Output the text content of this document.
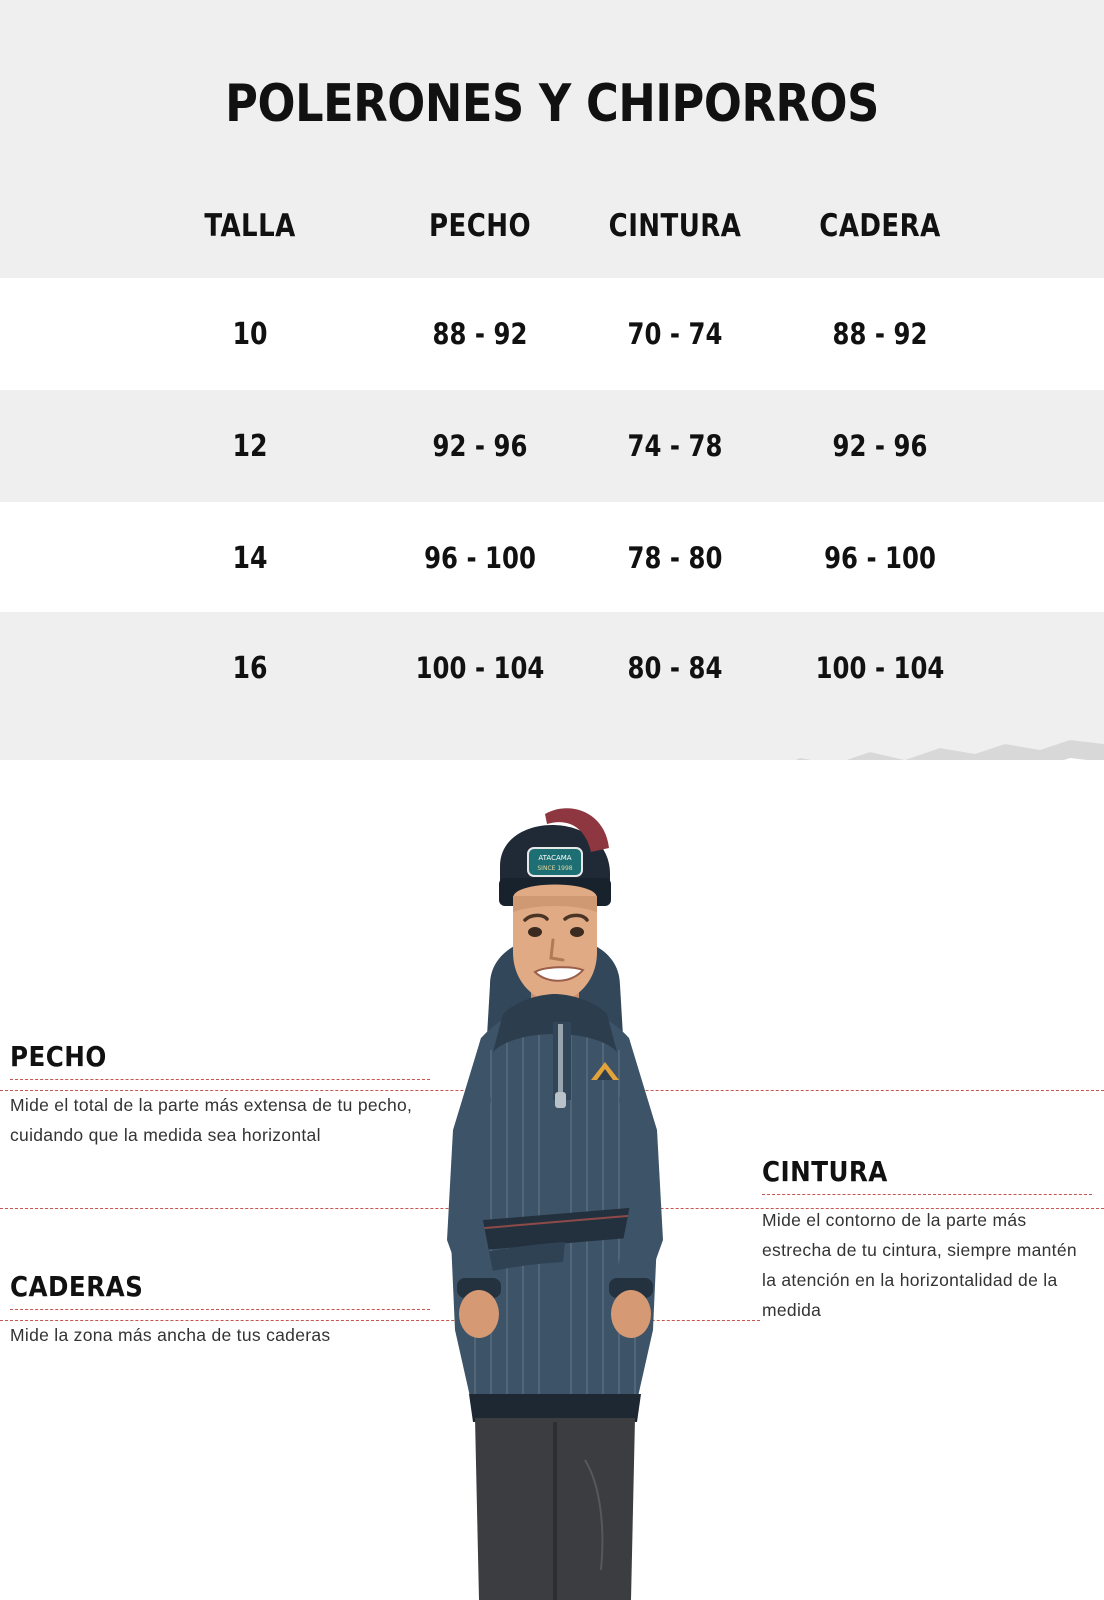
POLERONES Y CHIPORROS
TALLA	PECHO	CINTURA	CADERA
10	88 - 92	70 - 74	88 - 92
12	92 - 96	74 - 78	92 - 96
14	96 - 100	78 - 80	96 - 100
16	100 - 104	80 - 84	100 - 104
ATACAMA
SINCE 1998
PECHO

Mide el total de la parte más extensa de tu pecho, cuidando que la medida sea horizontal

CADERAS

Mide la zona más ancha de tus caderas

CINTURA

Mide el contorno de la parte más estrecha de tu cintura, siempre mantén la atención en la horizontalidad de la medida
